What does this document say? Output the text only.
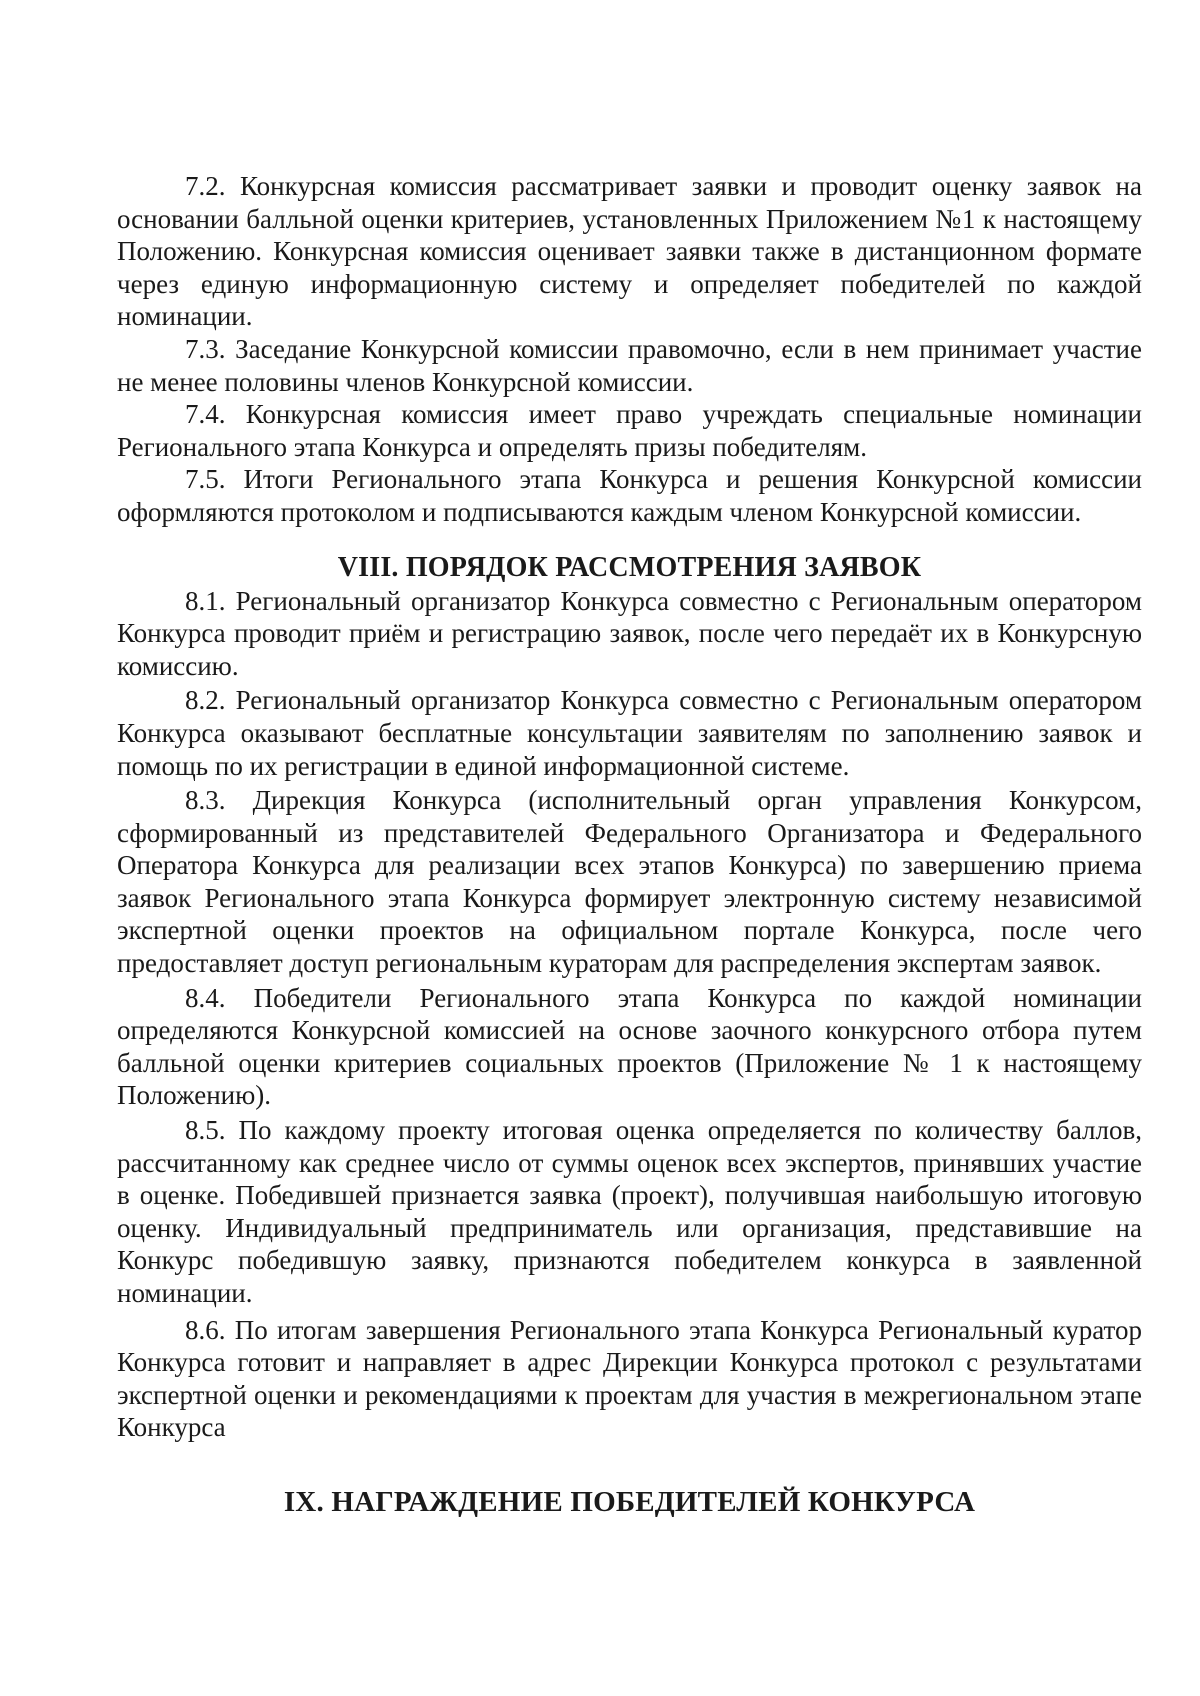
7.2. Конкурсная комиссия рассматривает заявки и проводит оценку заявок на основании балльной оценки критериев, установленных Приложением №1 к настоящему Положению. Конкурсная комиссия оценивает заявки также в дистанционном формате через единую информационную систему и определяет победителей по каждой номинации.

7.3. Заседание Конкурсной комиссии правомочно, если в нем принимает участие не менее половины членов Конкурсной комиссии.

7.4. Конкурсная комиссия имеет право учреждать специальные номинации Регионального этапа Конкурса и определять призы победителям.

7.5. Итоги Регионального этапа Конкурса и решения Конкурсной комиссии оформляются протоколом и подписываются каждым членом Конкурсной комиссии.

VIII. ПОРЯДОК РАССМОТРЕНИЯ ЗАЯВОК

8.1. Региональный организатор Конкурса совместно с Региональным оператором Конкурса проводит приём и регистрацию заявок, после чего передаёт их в Конкурсную комиссию.

8.2. Региональный организатор Конкурса совместно с Региональным оператором Конкурса оказывают бесплатные консультации заявителям по заполнению заявок и помощь по их регистрации в единой информационной системе.

8.3. Дирекция Конкурса (исполнительный орган управления Конкурсом, сформированный из представителей Федерального Организатора и Федерального Оператора Конкурса для реализации всех этапов Конкурса) по завершению приема заявок Регионального этапа Конкурса формирует электронную систему независимой экспертной оценки проектов на официальном портале Конкурса, после чего предоставляет доступ региональным кураторам для распределения экспертам заявок.

8.4. Победители Регионального этапа Конкурса по каждой номинации определяются Конкурсной комиссией на основе заочного конкурсного отбора путем балльной оценки критериев социальных проектов (Приложение № 1 к настоящему Положению).

8.5. По каждому проекту итоговая оценка определяется по количеству баллов, рассчитанному как среднее число от суммы оценок всех экспертов, принявших участие в оценке. Победившей признается заявка (проект), получившая наибольшую итоговую оценку. Индивидуальный предприниматель или организация, представившие на Конкурс победившую заявку, признаются победителем конкурса в заявленной номинации.

8.6. По итогам завершения Регионального этапа Конкурса Региональный куратор Конкурса готовит и направляет в адрес Дирекции Конкурса протокол с результатами экспертной оценки и рекомендациями к проектам для участия в межрегиональном этапе Конкурса

IX. НАГРАЖДЕНИЕ ПОБЕДИТЕЛЕЙ КОНКУРСА
